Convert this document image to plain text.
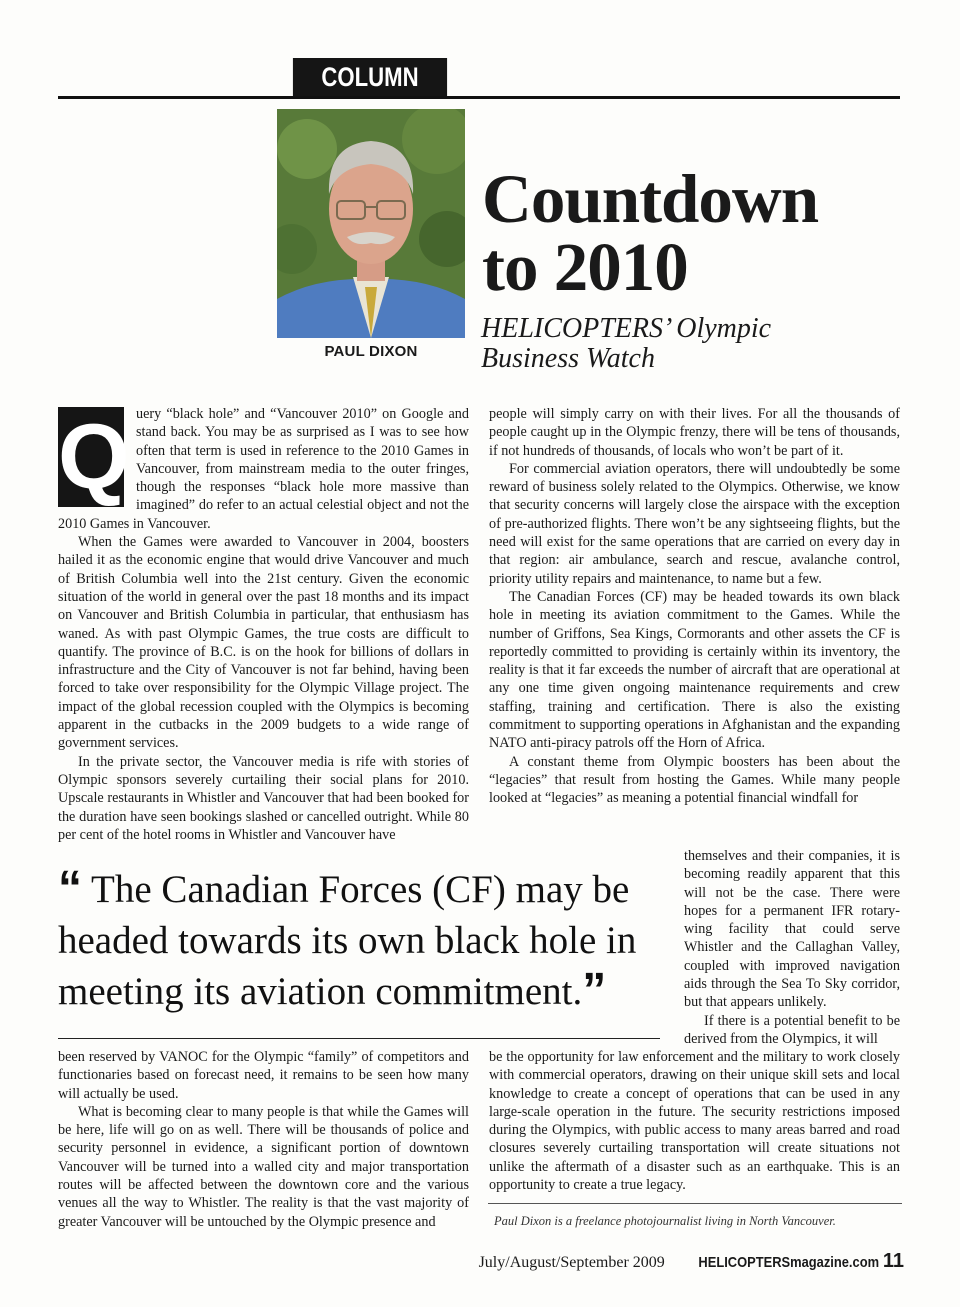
COLUMN
PAUL DIXON
Countdown
to 2010
HELICOPTERS’ Olympic
Business Watch
Q uery “black hole” and “Vancouver 2010” on Google and stand back. You may be as surprised as I was to see how often that term is used in reference to the 2010 Games in Vancouver, from mainstream media to the outer fringes, though the responses “black hole more massive than imagined” do refer to an actual celestial object and not the 2010 Games in Vancouver.

When the Games were awarded to Vancouver in 2004, boosters hailed it as the economic engine that would drive Vancouver and much of British Columbia well into the 21st century. Given the economic situation of the world in general over the past 18 months and its impact on Vancouver and British Columbia in particular, that enthusiasm has waned. As with past Olympic Games, the true costs are difficult to quantify. The province of B.C. is on the hook for billions of dollars in infrastructure and the City of Vancouver is not far behind, having been forced to take over responsibility for the Olympic Village project. The impact of the global recession coupled with the Olympics is becoming apparent in the cutbacks in the 2009 budgets to a wide range of government services.

In the private sector, the Vancouver media is rife with stories of Olympic sponsors severely curtailing their social plans for 2010. Upscale restaurants in Whistler and Vancouver that had been booked for the duration have seen bookings slashed or cancelled outright. While 80 per cent of the hotel rooms in Whistler and Vancouver have

people will simply carry on with their lives. For all the thousands of people caught up in the Olympic frenzy, there will be tens of thousands, if not hundreds of thousands, of locals who won’t be part of it.

For commercial aviation operators, there will undoubtedly be some reward of business solely related to the Olympics. Otherwise, we know that security concerns will largely close the airspace with the exception of pre-authorized flights. There won’t be any sightseeing flights, but the need will exist for the same operations that are carried on every day in that region: air ambulance, search and rescue, avalanche control, priority utility repairs and maintenance, to name but a few.

The Canadian Forces (CF) may be headed towards its own black hole in meeting its aviation commitment to the Games. While the number of Griffons, Sea Kings, Cormorants and other assets the CF is reportedly committed to providing is certainly within its inventory, the reality is that it far exceeds the number of aircraft that are operational at any one time given ongoing maintenance requirements and crew staffing, training and certification. There is also the existing commitment to supporting operations in Afghanistan and the expanding NATO anti-piracy patrols off the Horn of Africa.

A constant theme from Olympic boosters has been about the “legacies” that result from hosting the Games. While many people looked at “legacies” as meaning a potential financial windfall for

themselves and their companies, it is becoming readily apparent that this will not be the case. There were hopes for a permanent IFR rotary-wing facility that could serve Whistler and the Callaghan Valley, coupled with improved navigation aids through the Sea To Sky corridor, but that appears unlikely.

If there is a potential benefit to be derived from the Olympics, it will

“ The Canadian Forces (CF) may be headed towards its own black hole in meeting its aviation commitment.”

been reserved by VANOC for the Olympic “family” of competitors and functionaries based on forecast need, it remains to be seen how many will actually be used.

What is becoming clear to many people is that while the Games will be here, life will go on as well. There will be thousands of police and security personnel in evidence, a significant portion of downtown Vancouver will be turned into a walled city and major transportation routes will be affected between the downtown core and the various venues all the way to Whistler. The reality is that the vast majority of greater Vancouver will be untouched by the Olympic presence and

be the opportunity for law enforcement and the military to work closely with commercial operators, drawing on their unique skill sets and local knowledge to create a concept of operations that can be used in any large-scale operation in the future. The security restrictions imposed during the Olympics, with public access to many areas barred and road closures severely curtailing transportation will create situations not unlike the aftermath of a disaster such as an earthquake. This is an opportunity to create a true legacy.

Paul Dixon is a freelance photojournalist living in North Vancouver.
July/August/September 2009 HELICOPTERSmagazine.com 11
